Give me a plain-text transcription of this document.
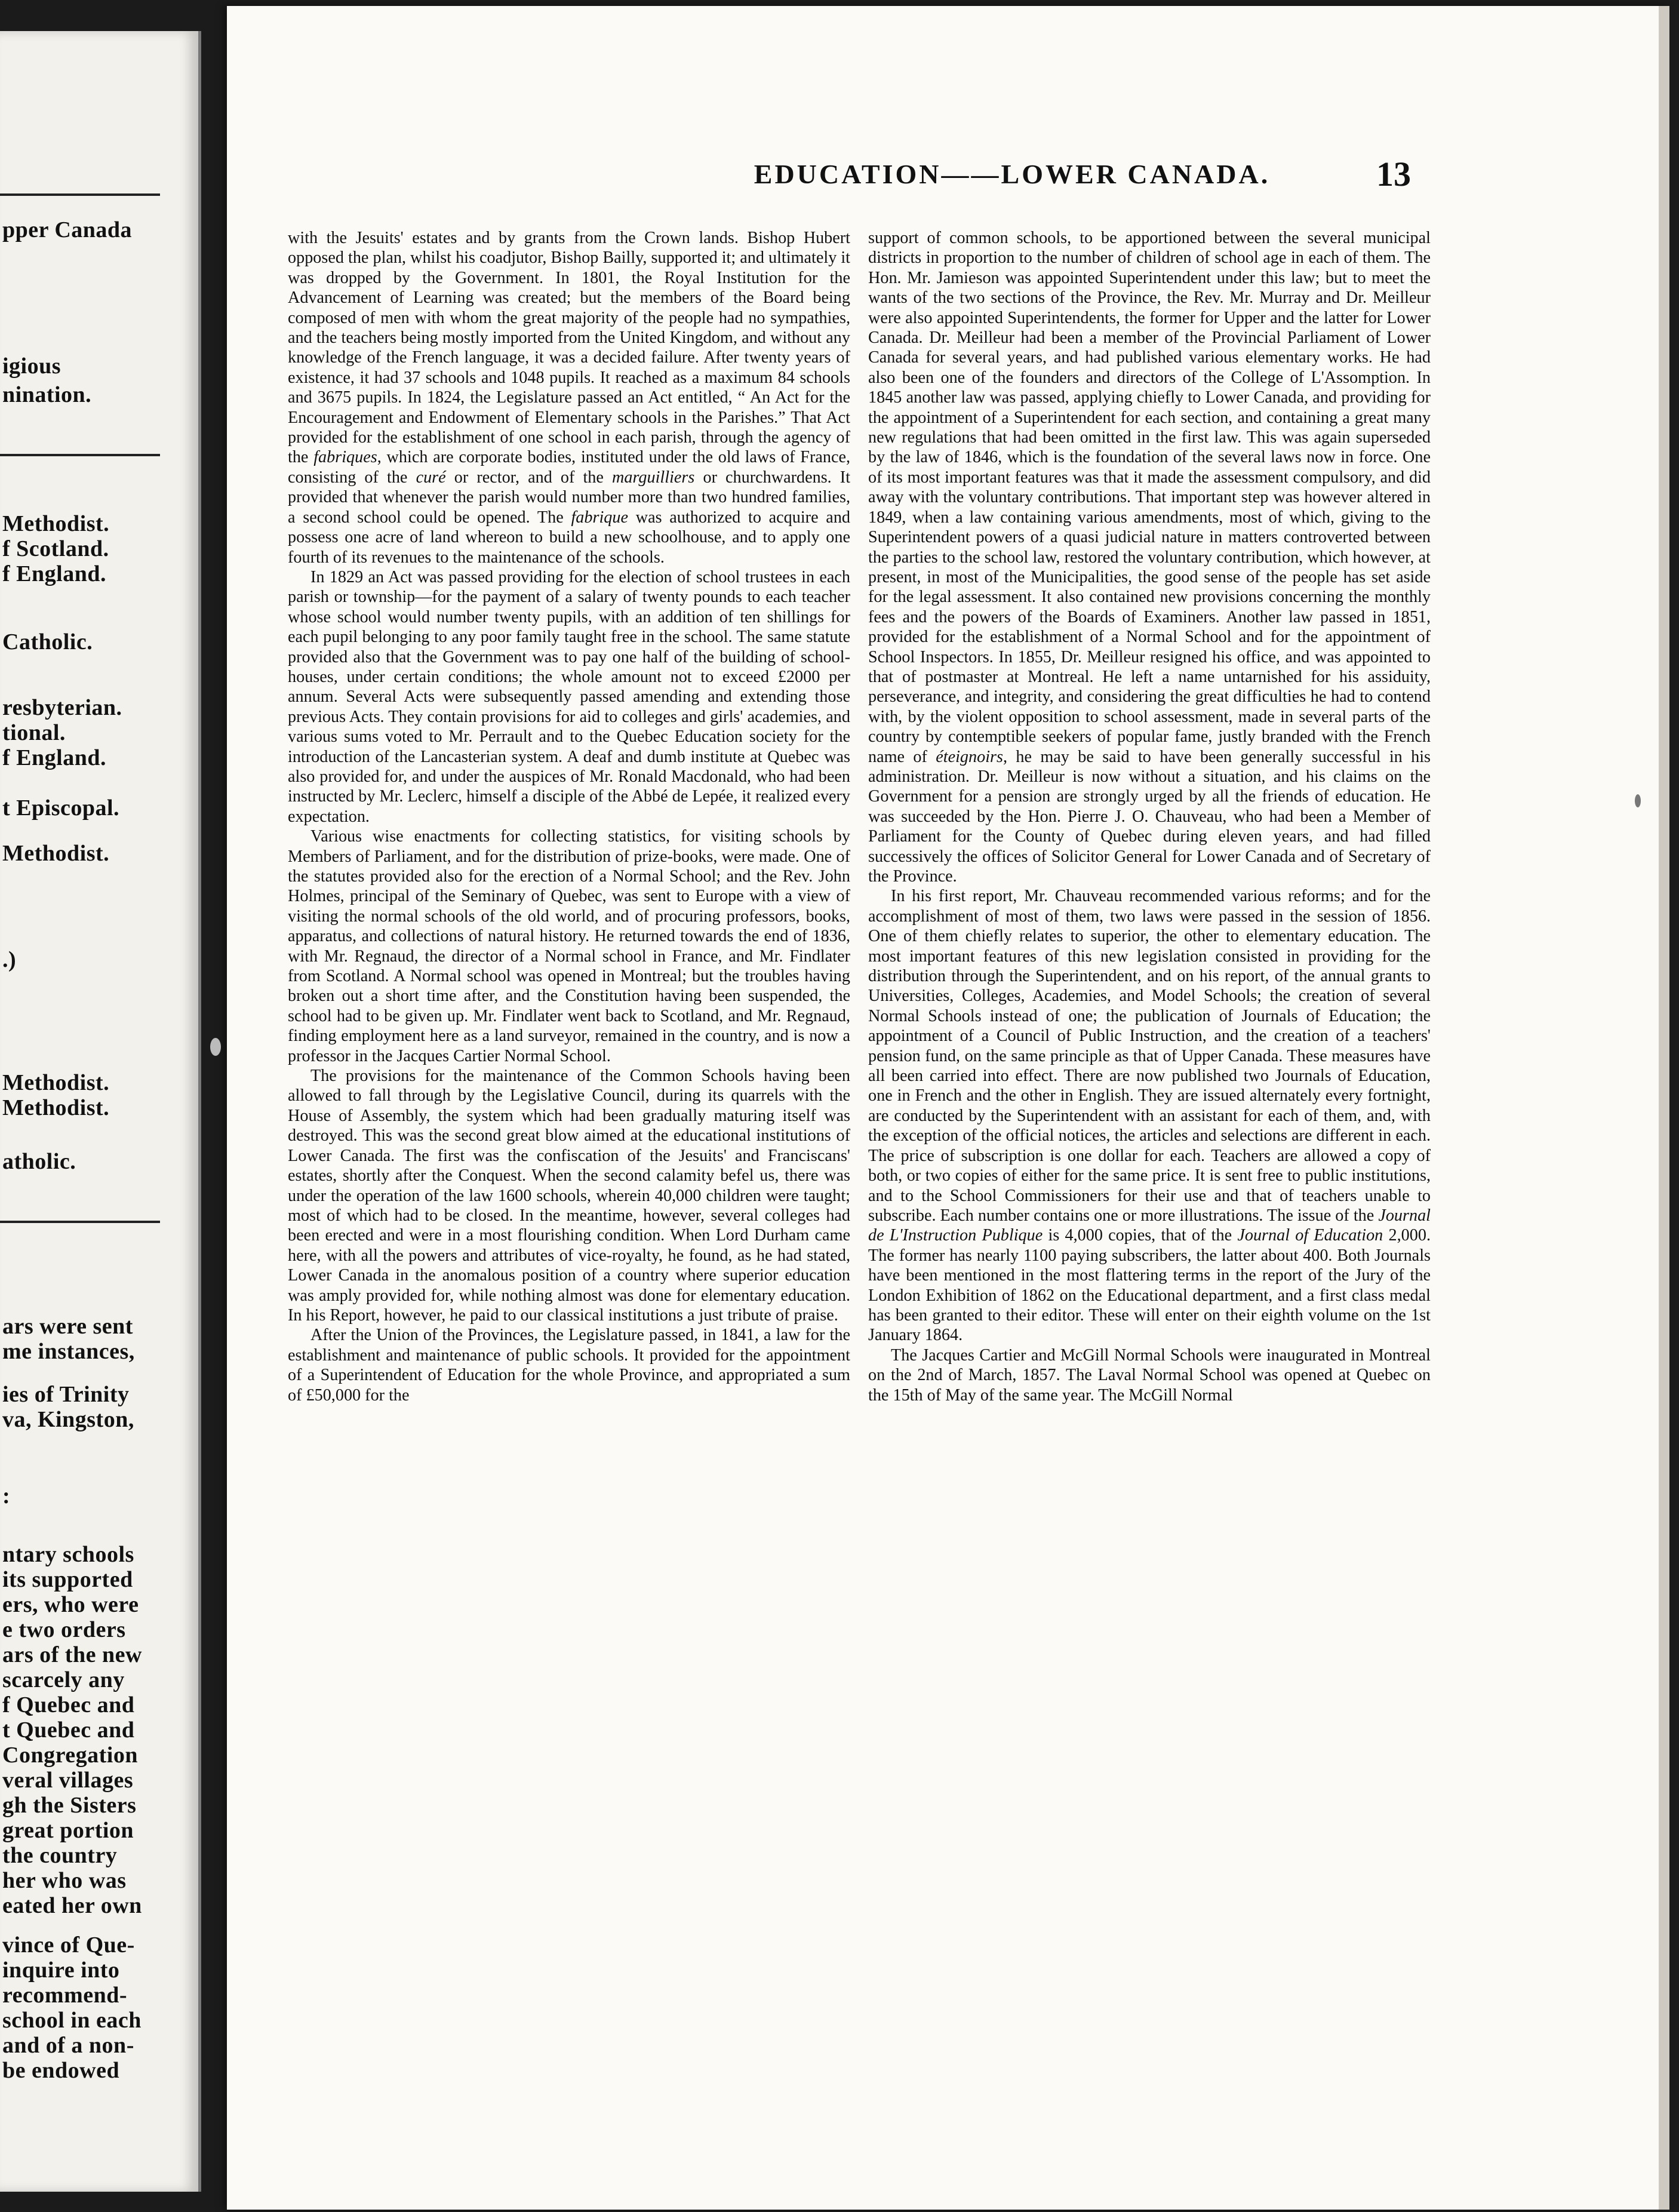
pper Canada
igious
nination.
Methodist.
f Scotland.
f England.
Catholic.
resbyterian.
tional.
f England.
t Episcopal.
Methodist.
.)
Methodist.
Methodist.
atholic.
ars were sent
me instances,
ies of Trinity
va, Kingston,
:
ntary schools
its supported
ers, who were
e two orders
ars of the new
scarcely any
f Quebec and
t Quebec and
Congregation
veral villages
gh the Sisters
great portion
the country
her who was
eated her own
vince of Que-
inquire into
recommend-
school in each
and of a non-
be endowed
EDUCATION——LOWER CANADA.	13

with the Jesuits' estates and by grants from the Crown lands. Bishop Hubert opposed the plan, whilst his coadjutor, Bishop Bailly, supported it; and ultimately it was dropped by the Government. In 1801, the Royal Institution for the Advancement of Learning was created; but the members of the Board being composed of men with whom the great majority of the people had no sympathies, and the teachers being mostly imported from the United Kingdom, and without any knowledge of the French language, it was a decided failure. After twenty years of existence, it had 37 schools and 1048 pupils. It reached as a maximum 84 schools and 3675 pupils. In 1824, the Legislature passed an Act entitled, “ An Act for the Encouragement and Endowment of Elementary schools in the Parishes.” That Act provided for the establishment of one school in each parish, through the agency of the fabriques, which are corporate bodies, instituted under the old laws of France, consisting of the curé or rector, and of the marguilliers or churchwardens. It provided that whenever the parish would number more than two hundred families, a second school could be opened. The fabrique was authorized to acquire and possess one acre of land whereon to build a new schoolhouse, and to apply one fourth of its revenues to the maintenance of the schools.

In 1829 an Act was passed providing for the election of school trustees in each parish or township—for the payment of a salary of twenty pounds to each teacher whose school would number twenty pupils, with an addition of ten shillings for each pupil belonging to any poor family taught free in the school. The same statute provided also that the Government was to pay one half of the building of school-houses, under certain conditions; the whole amount not to exceed £2000 per annum. Several Acts were subsequently passed amending and extending those previous Acts. They contain provisions for aid to colleges and girls' academies, and various sums voted to Mr. Perrault and to the Quebec Education society for the introduction of the Lancasterian system. A deaf and dumb institute at Quebec was also provided for, and under the auspices of Mr. Ronald Macdonald, who had been instructed by Mr. Leclerc, himself a disciple of the Abbé de Lepée, it realized every expectation.

Various wise enactments for collecting statistics, for visiting schools by Members of Parliament, and for the distribution of prize-books, were made. One of the statutes provided also for the erection of a Normal School; and the Rev. John Holmes, principal of the Seminary of Quebec, was sent to Europe with a view of visiting the normal schools of the old world, and of procuring professors, books, apparatus, and collections of natural history. He returned towards the end of 1836, with Mr. Regnaud, the director of a Normal school in France, and Mr. Findlater from Scotland. A Normal school was opened in Montreal; but the troubles having broken out a short time after, and the Constitution having been suspended, the school had to be given up. Mr. Findlater went back to Scotland, and Mr. Regnaud, finding employment here as a land surveyor, remained in the country, and is now a professor in the Jacques Cartier Normal School.

The provisions for the maintenance of the Common Schools having been allowed to fall through by the Legislative Council, during its quarrels with the House of Assembly, the system which had been gradually maturing itself was destroyed. This was the second great blow aimed at the educational institutions of Lower Canada. The first was the confiscation of the Jesuits' and Franciscans' estates, shortly after the Conquest. When the second calamity befel us, there was under the operation of the law 1600 schools, wherein 40,000 children were taught; most of which had to be closed. In the meantime, however, several colleges had been erected and were in a most flourishing condition. When Lord Durham came here, with all the powers and attributes of vice-royalty, he found, as he had stated, Lower Canada in the anomalous position of a country where superior education was amply provided for, while nothing almost was done for elementary education. In his Report, however, he paid to our classical institutions a just tribute of praise.

After the Union of the Provinces, the Legislature passed, in 1841, a law for the establishment and maintenance of public schools. It provided for the appointment of a Superintendent of Education for the whole Province, and appropriated a sum of £50,000 for the

support of common schools, to be apportioned between the several municipal districts in proportion to the number of children of school age in each of them. The Hon. Mr. Jamieson was appointed Superintendent under this law; but to meet the wants of the two sections of the Province, the Rev. Mr. Murray and Dr. Meilleur were also appointed Superintendents, the former for Upper and the latter for Lower Canada. Dr. Meilleur had been a member of the Provincial Parliament of Lower Canada for several years, and had published various elementary works. He had also been one of the founders and directors of the College of L'Assomption. In 1845 another law was passed, applying chiefly to Lower Canada, and providing for the appointment of a Superintendent for each section, and containing a great many new regulations that had been omitted in the first law. This was again superseded by the law of 1846, which is the foundation of the several laws now in force. One of its most important features was that it made the assessment compulsory, and did away with the voluntary contributions. That important step was however altered in 1849, when a law containing various amendments, most of which, giving to the Superintendent powers of a quasi judicial nature in matters controverted between the parties to the school law, restored the voluntary contribution, which however, at present, in most of the Municipalities, the good sense of the people has set aside for the legal assessment. It also contained new provisions concerning the monthly fees and the powers of the Boards of Examiners. Another law passed in 1851, provided for the establishment of a Normal School and for the appointment of School Inspectors. In 1855, Dr. Meilleur resigned his office, and was appointed to that of postmaster at Montreal. He left a name untarnished for his assiduity, perseverance, and integrity, and considering the great difficulties he had to contend with, by the violent opposition to school assessment, made in several parts of the country by contemptible seekers of popular fame, justly branded with the French name of éteignoirs, he may be said to have been generally successful in his administration. Dr. Meilleur is now without a situation, and his claims on the Government for a pension are strongly urged by all the friends of education. He was succeeded by the Hon. Pierre J. O. Chauveau, who had been a Member of Parliament for the County of Quebec during eleven years, and had filled successively the offices of Solicitor General for Lower Canada and of Secretary of the Province.

In his first report, Mr. Chauveau recommended various reforms; and for the accomplishment of most of them, two laws were passed in the session of 1856. One of them chiefly relates to superior, the other to elementary education. The most important features of this new legislation consisted in providing for the distribution through the Superintendent, and on his report, of the annual grants to Universities, Colleges, Academies, and Model Schools; the creation of several Normal Schools instead of one; the publication of Journals of Education; the appointment of a Council of Public Instruction, and the creation of a teachers' pension fund, on the same principle as that of Upper Canada. These measures have all been carried into effect. There are now published two Journals of Education, one in French and the other in English. They are issued alternately every fortnight, are conducted by the Superintendent with an assistant for each of them, and, with the exception of the official notices, the articles and selections are different in each. The price of subscription is one dollar for each. Teachers are allowed a copy of both, or two copies of either for the same price. It is sent free to public institutions, and to the School Commissioners for their use and that of teachers unable to subscribe. Each number contains one or more illustrations. The issue of the Journal de L'Instruction Publique is 4,000 copies, that of the Journal of Education 2,000. The former has nearly 1100 paying subscribers, the latter about 400. Both Journals have been mentioned in the most flattering terms in the report of the Jury of the London Exhibition of 1862 on the Educational department, and a first class medal has been granted to their editor. These will enter on their eighth volume on the 1st January 1864.

The Jacques Cartier and McGill Normal Schools were inaugurated in Montreal on the 2nd of March, 1857. The Laval Normal School was opened at Quebec on the 15th of May of the same year. The McGill Normal
